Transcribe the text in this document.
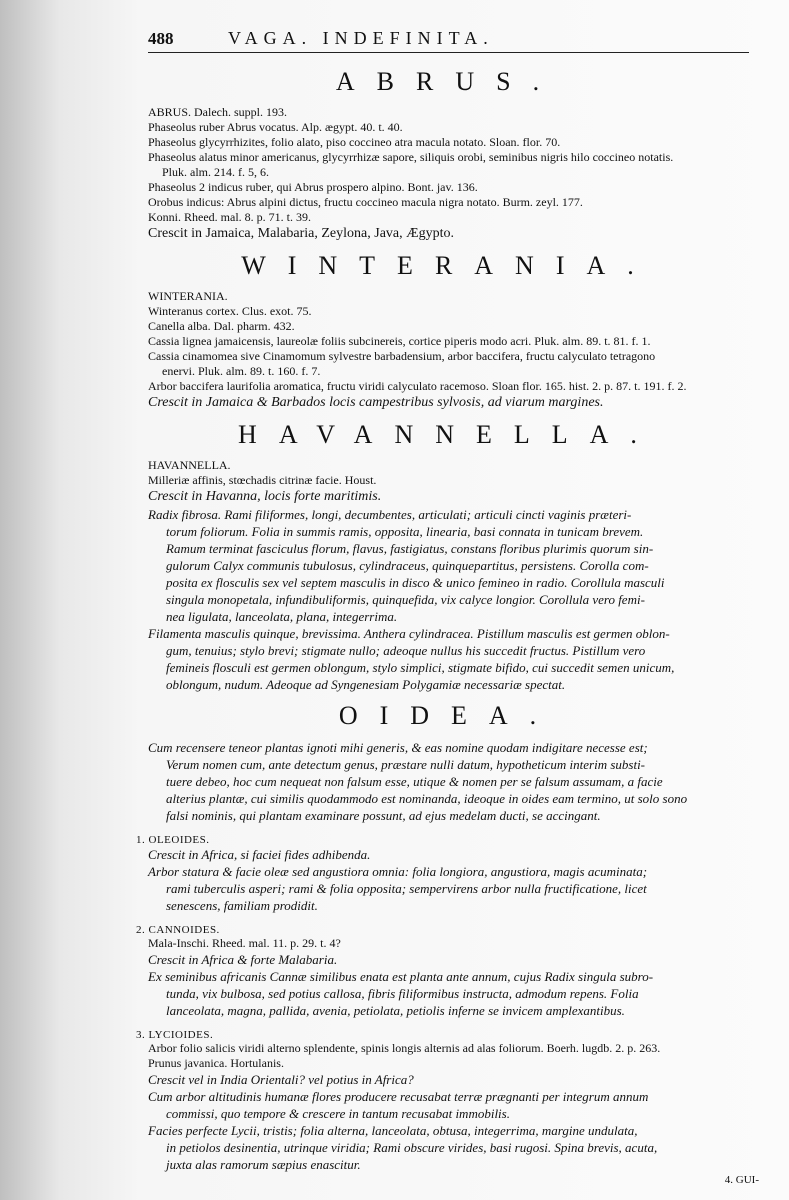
488	VAGA. INDEFINITA.
ABRUS.

ABRUS. Dalech. suppl. 193.

Phaseolus ruber Abrus vocatus. Alp. ægypt. 40. t. 40.

Phaseolus glycyrrhizites, folio alato, piso coccineo atra macula notato. Sloan. flor. 70.

Phaseolus alatus minor americanus, glycyrrhizæ sapore, siliquis orobi, seminibus nigris hilo coccineo notatis.

Pluk. alm. 214. f. 5, 6.

Phaseolus 2 indicus ruber, qui Abrus prospero alpino. Bont. jav. 136.

Orobus indicus: Abrus alpini dictus, fructu coccineo macula nigra notato. Burm. zeyl. 177.

Konni. Rheed. mal. 8. p. 71. t. 39.

Crescit in Jamaica, Malabaria, Zeylona, Java, Ægypto.

WINTERANIA.

WINTERANIA.

Winteranus cortex. Clus. exot. 75.

Canella alba. Dal. pharm. 432.

Cassia lignea jamaicensis, laureolæ foliis subcinereis, cortice piperis modo acri. Pluk. alm. 89. t. 81. f. 1.

Cassia cinamomea sive Cinamomum sylvestre barbadensium, arbor baccifera, fructu calyculato tetragono

enervi. Pluk. alm. 89. t. 160. f. 7.

Arbor baccifera laurifolia aromatica, fructu viridi calyculato racemoso. Sloan flor. 165. hist. 2. p. 87. t. 191. f. 2.

Crescit in Jamaica & Barbados locis campestribus sylvosis, ad viarum margines.

HAVANNELLA.

HAVANNELLA.

Milleriæ affinis, stœchadis citrinæ facie. Houst.

Crescit in Havanna, locis forte maritimis.

Radix fibrosa. Rami filiformes, longi, decumbentes, articulati; articuli cincti vaginis præteri-

torum foliorum. Folia in summis ramis, opposita, linearia, basi connata in tunicam brevem.

Ramum terminat fasciculus florum, flavus, fastigiatus, constans floribus plurimis quorum sin-

gulorum Calyx communis tubulosus, cylindraceus, quinquepartitus, persistens. Corolla com-

posita ex flosculis sex vel septem masculis in disco & unico femineo in radio. Corollula masculi

singula monopetala, infundibuliformis, quinquefida, vix calyce longior. Corollula vero femi-

nea ligulata, lanceolata, plana, integerrima.

Filamenta masculis quinque, brevissima. Anthera cylindracea. Pistillum masculis est germen oblon-

gum, tenuius; stylo brevi; stigmate nullo; adeoque nullus his succedit fructus. Pistillum vero

femineis flosculi est germen oblongum, stylo simplici, stigmate bifido, cui succedit semen unicum,

oblongum, nudum. Adeoque ad Syngenesiam Polygamiæ necessariæ spectat.

OIDEA.

Cum recensere teneor plantas ignoti mihi generis, & eas nomine quodam indigitare necesse est;

Verum nomen cum, ante detectum genus, præstare nulli datum, hypotheticum interim substi-

tuere debeo, hoc cum nequeat non falsum esse, utique & nomen per se falsum assumam, a facie

alterius plantæ, cui similis quodammodo est nominanda, ideoque in oides eam termino, ut solo sono

falsi nominis, qui plantam examinare possunt, ad ejus medelam ducti, se accingant.

1. OLEOIDES.

Crescit in Africa, si faciei fides adhibenda.

Arbor statura & facie oleæ sed angustiora omnia: folia longiora, angustiora, magis acuminata;

rami tuberculis asperi; rami & folia opposita; sempervirens arbor nulla fructificatione, licet

senescens, familiam prodidit.

2. CANNOIDES.

Mala-Inschi. Rheed. mal. 11. p. 29. t. 4?

Crescit in Africa & forte Malabaria.

Ex seminibus africanis Cannæ similibus enata est planta ante annum, cujus Radix singula subro-

tunda, vix bulbosa, sed potius callosa, fibris filiformibus instructa, admodum repens. Folia

lanceolata, magna, pallida, avenia, petiolata, petiolis inferne se invicem amplexantibus.

3. LYCIOIDES.

Arbor folio salicis viridi alterno splendente, spinis longis alternis ad alas foliorum. Boerh. lugdb. 2. p. 263.

Prunus javanica. Hortulanis.

Crescit vel in India Orientali? vel potius in Africa?

Cum arbor altitudinis humanæ flores producere recusabat terræ prægnanti per integrum annum

commissi, quo tempore & crescere in tantum recusabat immobilis.

Facies perfecte Lycii, tristis; folia alterna, lanceolata, obtusa, integerrima, margine undulata,

in petiolos desinentia, utrinque viridia; Rami obscure virides, basi rugosi. Spina brevis, acuta,

juxta alas ramorum sæpius enascitur.

4. GUI-
